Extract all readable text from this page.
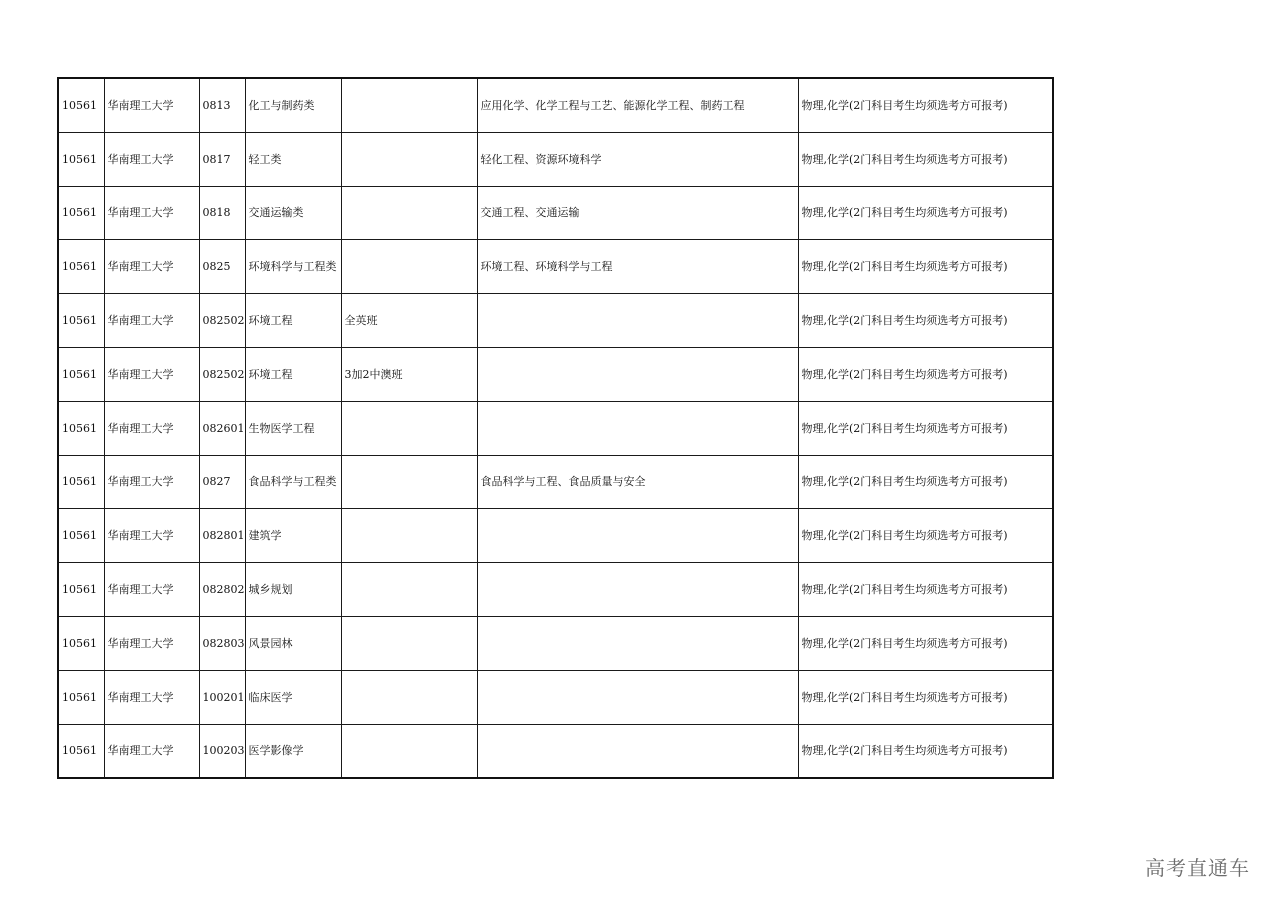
10561	华南理工大学	0813	化工与制药类		应用化学、化学工程与工艺、能源化学工程、制药工程	物理,化学(2门科目考生均须选考方可报考)
10561	华南理工大学	0817	轻工类		轻化工程、资源环境科学	物理,化学(2门科目考生均须选考方可报考)
10561	华南理工大学	0818	交通运输类		交通工程、交通运输	物理,化学(2门科目考生均须选考方可报考)
10561	华南理工大学	0825	环境科学与工程类		环境工程、环境科学与工程	物理,化学(2门科目考生均须选考方可报考)
10561	华南理工大学	082502	环境工程	全英班		物理,化学(2门科目考生均须选考方可报考)
10561	华南理工大学	082502	环境工程	3加2中澳班		物理,化学(2门科目考生均须选考方可报考)
10561	华南理工大学	082601	生物医学工程			物理,化学(2门科目考生均须选考方可报考)
10561	华南理工大学	0827	食品科学与工程类		食品科学与工程、食品质量与安全	物理,化学(2门科目考生均须选考方可报考)
10561	华南理工大学	082801	建筑学			物理,化学(2门科目考生均须选考方可报考)
10561	华南理工大学	082802	城乡规划			物理,化学(2门科目考生均须选考方可报考)
10561	华南理工大学	082803	风景园林			物理,化学(2门科目考生均须选考方可报考)
10561	华南理工大学	100201	临床医学			物理,化学(2门科目考生均须选考方可报考)
10561	华南理工大学	100203	医学影像学			物理,化学(2门科目考生均须选考方可报考)
高考直通车
